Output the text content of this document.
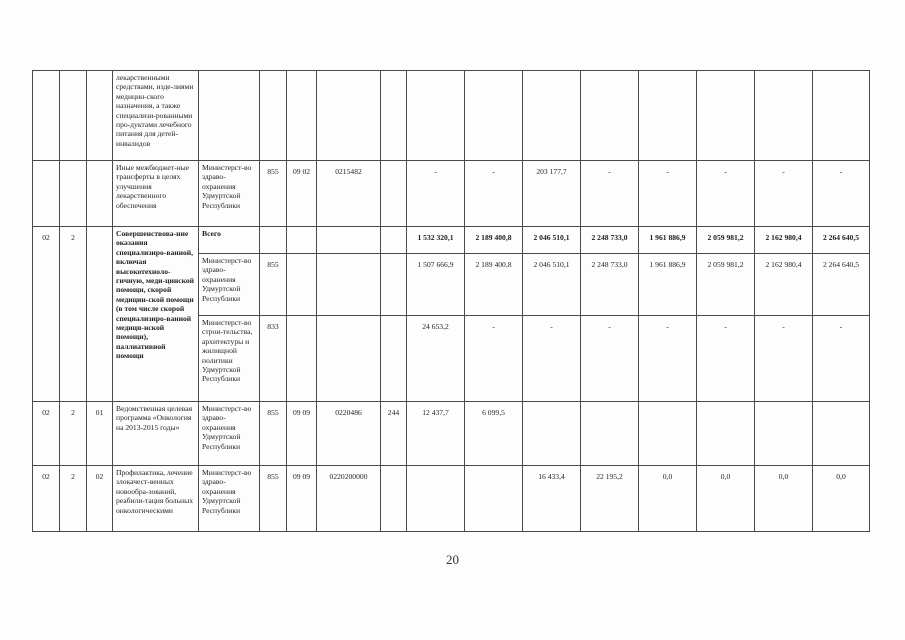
			лекарственными средствами, изде-лиями медицин-ского назначения, а также специализи-рованными про-дуктами лечебного питания для детей-инвалидов													
			Иные межбюджет-ные трансферты в целях улучшения лекарственного обеспечения	Министерст-во здраво-охранения Удмуртской Республики	855	09 02	0215482		-	-	203 177,7	-	-	-	-	-
02	2		Совершенствова-ние оказания специализиро-ванной, включая высокотехноло-гичную, меди-цинской помощи, скорой медицин-ской помощи (в том числе скорой специализиро-ванной медици-нской помощи), паллиативной помощи	Всего					1 532 320,1	2 189 400,8	2 046 510,1	2 248 733,0	1 961 886,9	2 059 981,2	2 162 980,4	2 264 640,5
				Министерст-во здраво-охранения Удмуртской Республики	855				1 507 666,9	2 189 400,8	2 046 510,1	2 248 733,0	1 961 886,9	2 059 981,2	2 162 980,4	2 264 640,5
				Министерст-во строи-тельства, архитектуры и жилищной политики Удмуртской Республики	833				24 653,2	-	-	-	-	-	-	-
02	2	01	Ведомственная целевая программа «Онкология на 2013-2015 годы»	Министерст-во здраво-охранения Удмуртской Республики	855	09 09	0220486	244	12 437,7	6 099,5						
02	2	02	Профилактика, лечение злокачест-венных новообра-зований, реабили-тация больных онкологическими	Министерст-во здраво-охранения Удмуртской Республики	855	09 09	0220200000				16 433,4	22 195,2	0,0	0,0	0,0	0,0
20
